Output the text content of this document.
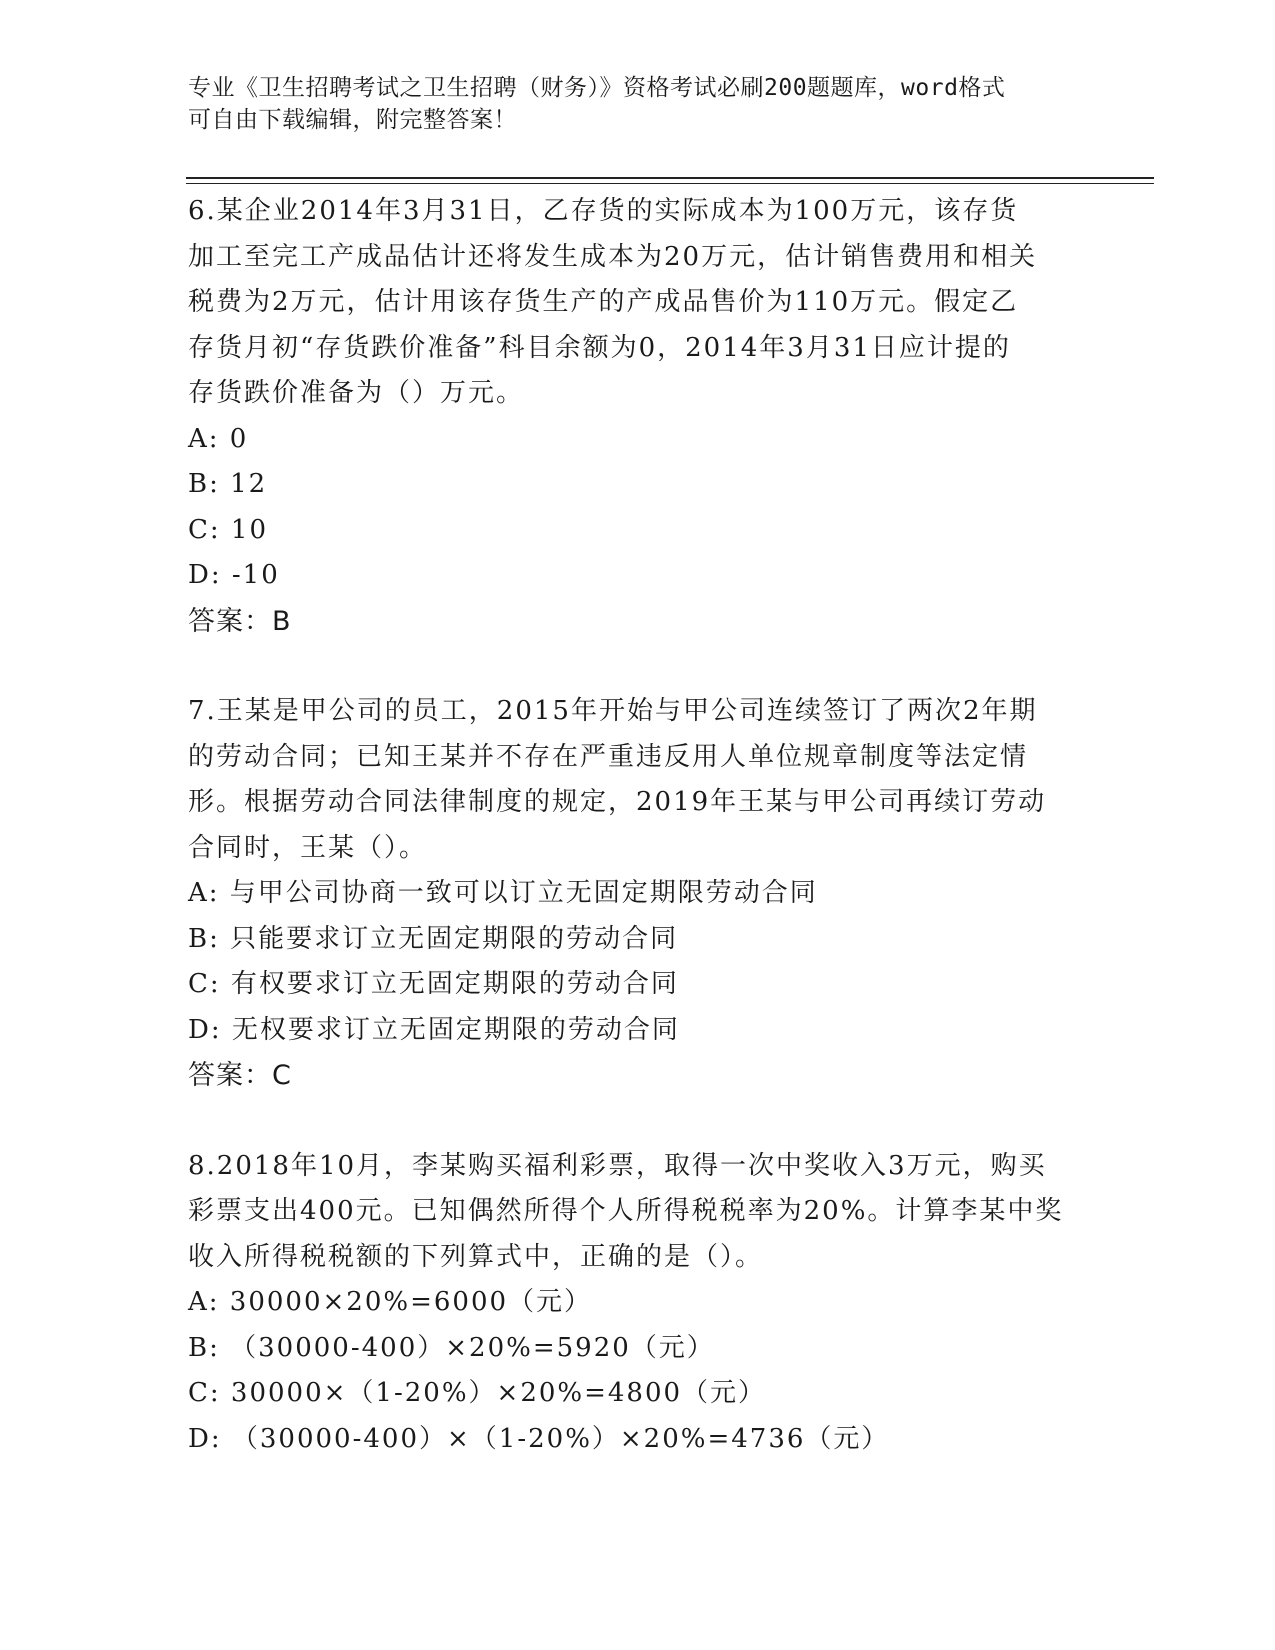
专业《卫生招聘考试之卫生招聘（财务）》资格考试必刷200题题库，word格式
可自由下载编辑，附完整答案！
6.某企业2014年3月31日，乙存货的实际成本为100万元，该存货
加工至完工产成品估计还将发生成本为20万元，估计销售费用和相关
税费为2万元，估计用该存货生产的产成品售价为110万元。假定乙
存货月初“存货跌价准备”科目余额为0，2014年3月31日应计提的
存货跌价准备为（）万元。
A: 0
B: 12
C: 10
D: -10
答案：B
7.王某是甲公司的员工，2015年开始与甲公司连续签订了两次2年期
的劳动合同；已知王某并不存在严重违反用人单位规章制度等法定情
形。根据劳动合同法律制度的规定，2019年王某与甲公司再续订劳动
合同时，王某（）。
A: 与甲公司协商一致可以订立无固定期限劳动合同
B: 只能要求订立无固定期限的劳动合同
C: 有权要求订立无固定期限的劳动合同
D: 无权要求订立无固定期限的劳动合同
答案：C
8.2018年10月，李某购买福利彩票，取得一次中奖收入3万元，购买
彩票支出400元。已知偶然所得个人所得税税率为20%。计算李某中奖
收入所得税税额的下列算式中，正确的是（）。
A: 30000×20%=6000（元）
B: （30000-400）×20%=5920（元）
C: 30000×（1-20%）×20%=4800（元）
D: （30000-400）×（1-20%）×20%=4736（元）
